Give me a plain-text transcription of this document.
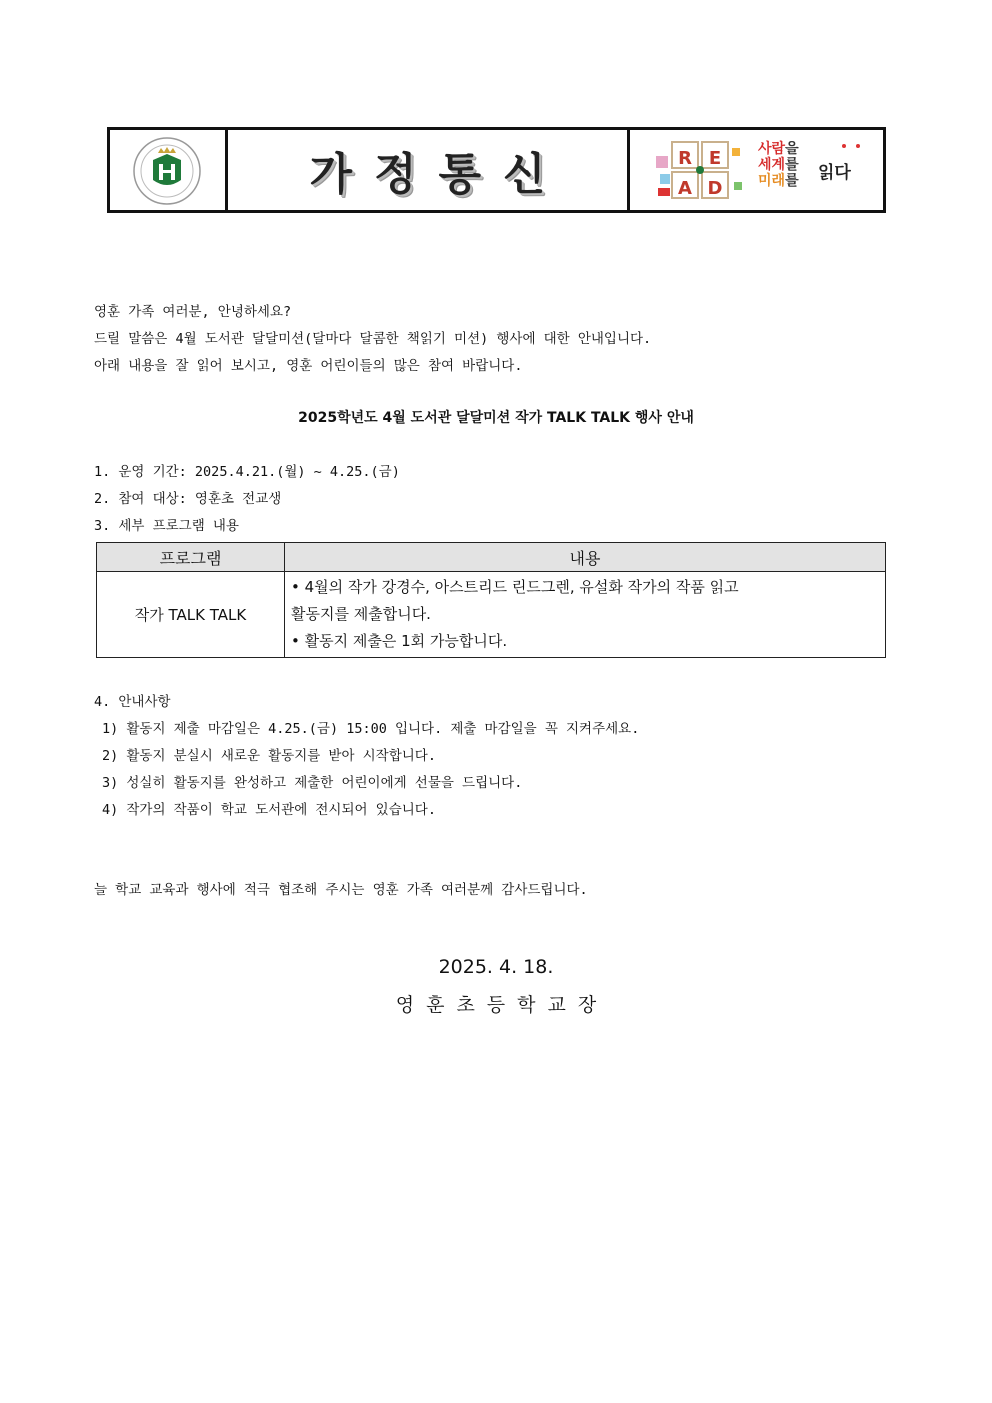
가정통신	R E
A D
사람을
세계를
미래를 읽다
영훈 가족 여러분, 안녕하세요?
드릴 말씀은 4월 도서관 달달미션(달마다 달콤한 책읽기 미션) 행사에 대한 안내입니다.
아래 내용을 잘 읽어 보시고, 영훈 어린이들의 많은 참여 바랍니다.
2025학년도 4월 도서관 달달미션 작가 TALK TALK 행사 안내
1. 운영 기간: 2025.4.21.(월) ~ 4.25.(금)
2. 참여 대상: 영훈초 전교생
3. 세부 프로그램 내용
프로그램	내용
작가 TALK TALK	• 4월의 작가 강경수, 아스트리드 린드그렌, 유설화 작가의 작품 읽고
활동지를 제출합니다.
• 활동지 제출은 1회 가능합니다.
4. 안내사항
1) 활동지 제출 마감일은 4.25.(금) 15:00 입니다. 제출 마감일을 꼭 지켜주세요.
2) 활동지 분실시 새로운 활동지를 받아 시작합니다.
3) 성실히 활동지를 완성하고 제출한 어린이에게 선물을 드립니다.
4) 작가의 작품이 학교 도서관에 전시되어 있습니다.
늘 학교 교육과 행사에 적극 협조해 주시는 영훈 가족 여러분께 감사드립니다.
2025. 4. 18.
영훈초등학교장
